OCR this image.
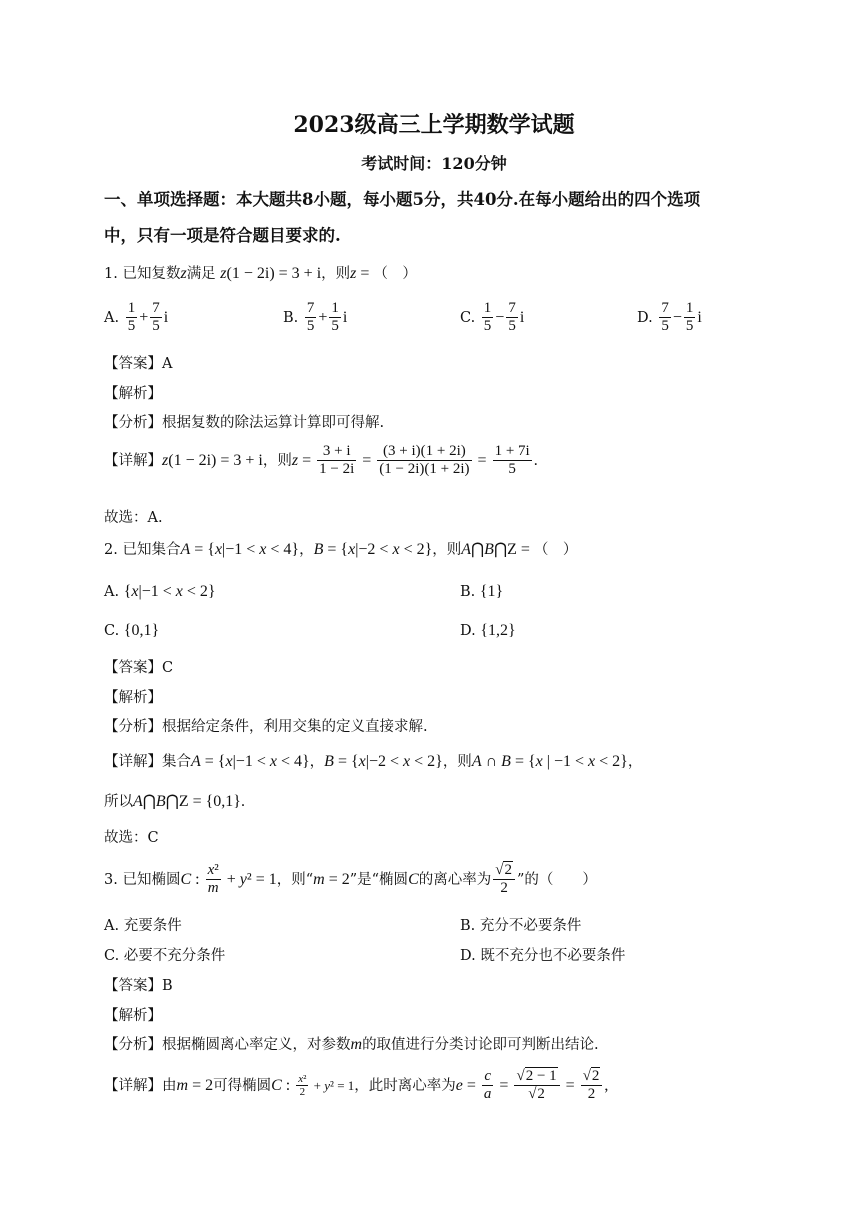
2023级高三上学期数学试题
考试时间：120分钟
一、单项选择题：本大题共8小题，每小题5分，共40分.在每小题给出的四个选项
中，只有一项是符合题目要求的.
1. 已知复数z满足 z(1 − 2i) = 3 + i，则z = （　）
A. $\frac{1}{5} + \frac{7}{5}$ i	B. $\frac{7}{5} + \frac{1}{5}$ i	C. $\frac{1}{5} - \frac{7}{5}$ i	D. $\frac{7}{5} - \frac{1}{5}$ i
【答案】A
【解析】
【分析】根据复数的除法运算计算即可得解.
【详解】z(1 − 2i) = 3 + i，则$z = \frac{3 + i}{1 - 2i} = \frac{(3 + i)(1 + 2i)}{(1 - 2i)(1 + 2i)} = \frac{1 + 7i}{5}$ .
故选：A.
2. 已知集合A = {x|−1 < x < 4}，B = {x|−2 < x < 2}，则A⋂B⋂Z = （　）
A. {x|−1 < x < 2}	B. {1}
C. {0,1}	D. {1,2}
【答案】C
【解析】
【分析】根据给定条件，利用交集的定义直接求解.
【详解】集合A = {x|−1 < x < 4}，B = {x|−2 < x < 2}，则A ∩ B = {x | −1 < x < 2}，
所以A⋂B⋂Z = {0,1}.
故选：C
3. 已知椭圆C : $\frac{\text{x²}}{m} + y^2 = 1$，则“m = 2”是“椭圆C的离心率为 $\frac{√2}{2}$ ”的（　　）
A. 充要条件	B. 充分不必要条件
C. 必要不充分条件	D. 既不充分也不必要条件
【答案】B
【解析】
【分析】根据椭圆离心率定义，对参数m的取值进行分类讨论即可判断出结论.
【详解】由m = 2可得椭圆C : $\frac{\text{x²}}{2} + y^2 = 1$，此时离心率为$e = \frac{c}{a} = \frac{√2 - 1}{√2} = \frac{√2}{2}$ ,
